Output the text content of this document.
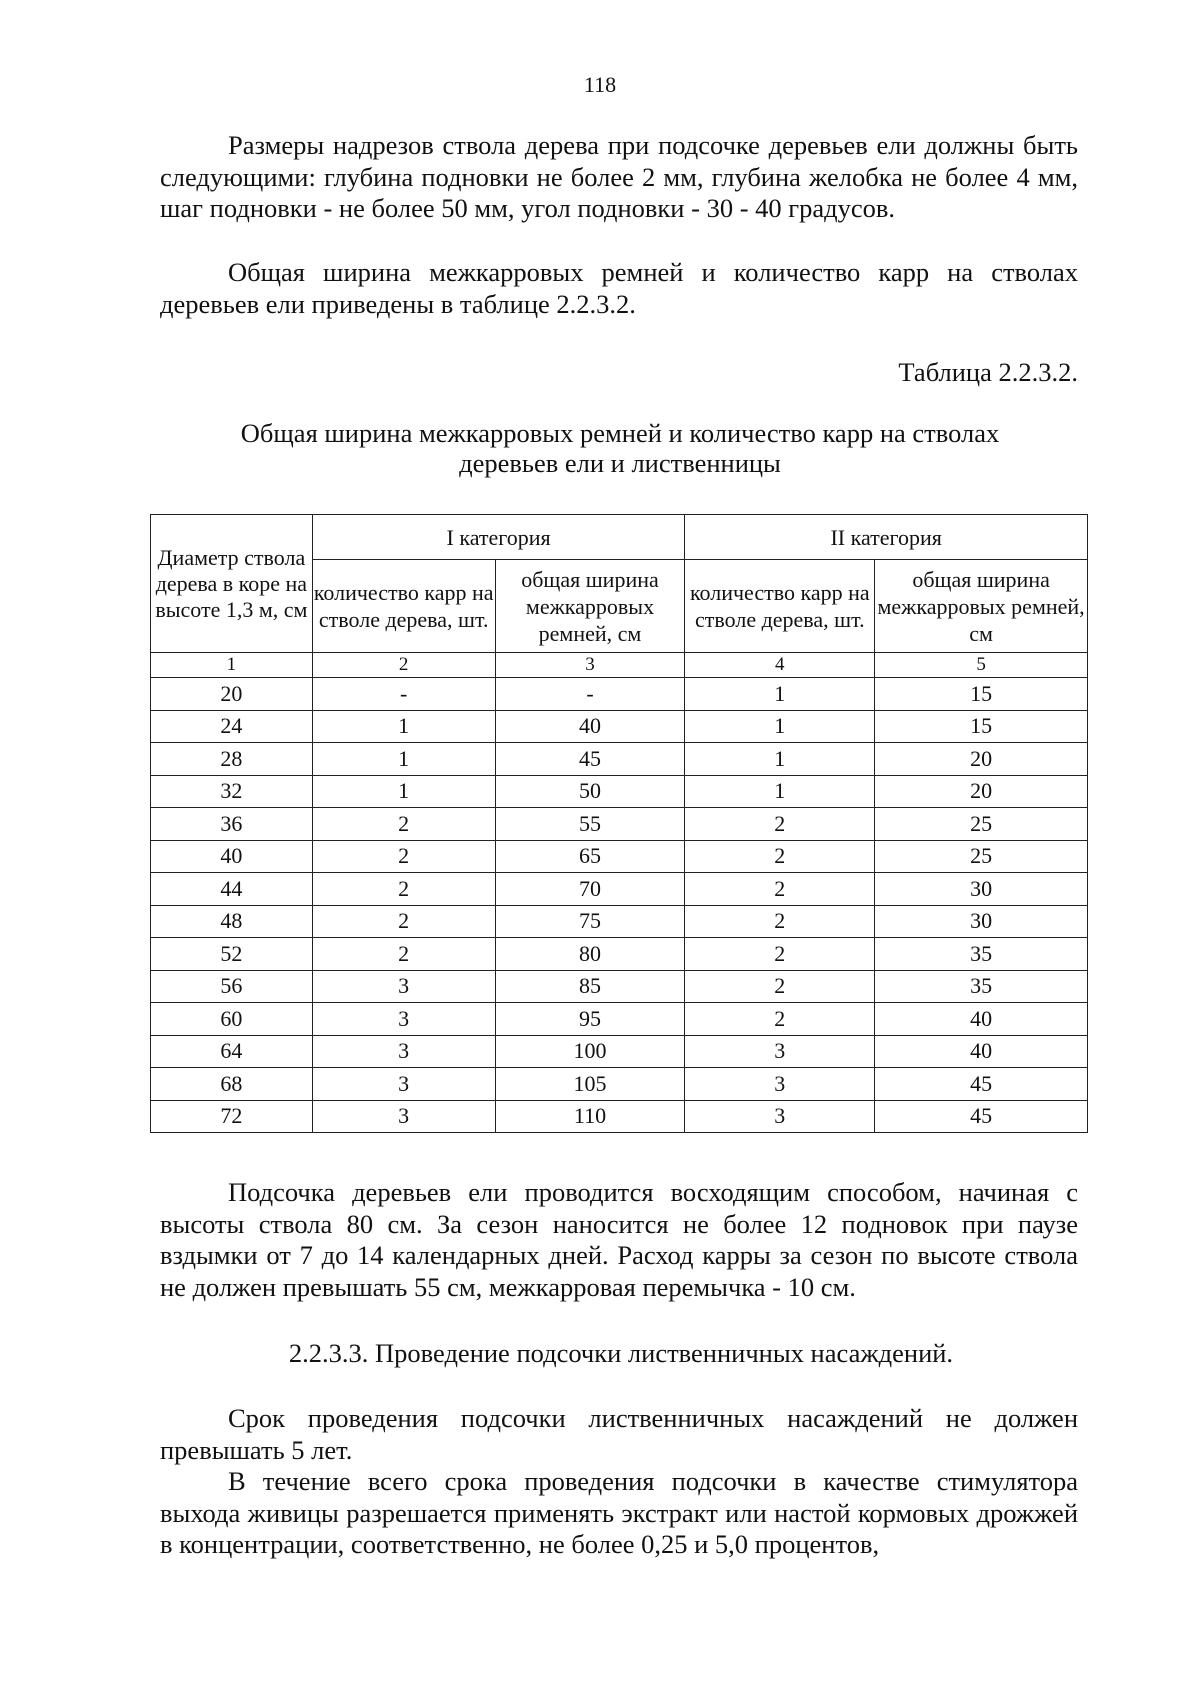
118

Размеры надрезов ствола дерева при подсочке деревьев ели должны быть следующими: глубина подновки не более 2 мм, глубина желобка не более 4 мм, шаг подновки - не более 50 мм, угол подновки - 30 - 40 градусов.

Общая ширина межкарровых ремней и количество карр на стволах деревьев ели приведены в таблице 2.2.3.2.

Таблица 2.2.3.2.
Общая ширина межкарровых ремней и количество карр на стволах
деревьев ели и лиственницы
Диаметр ствола дерева в коре на высоте 1,3 м, см	I категория		II категория	
	количество карр на стволе дерева, шт.	общая ширина межкарровых ремней, см	количество карр на стволе дерева, шт.	общая ширина межкарровых ремней, см
1	2	3	4	5
20	-	-	1	15
24	1	40	1	15
28	1	45	1	20
32	1	50	1	20
36	2	55	2	25
40	2	65	2	25
44	2	70	2	30
48	2	75	2	30
52	2	80	2	35
56	3	85	2	35
60	3	95	2	40
64	3	100	3	40
68	3	105	3	45
72	3	110	3	45

Подсочка деревьев ели проводится восходящим способом, начиная с высоты ствола 80 см. За сезон наносится не более 12 подновок при паузе вздымки от 7 до 14 календарных дней. Расход карры за сезон по высоте ствола не должен превышать 55 см, межкарровая перемычка - 10 см.

2.2.3.3. Проведение подсочки лиственничных насаждений.

Срок проведения подсочки лиственничных насаждений не должен превышать 5 лет.

В течение всего срока проведения подсочки в качестве стимулятора выхода живицы разрешается применять экстракт или настой кормовых дрожжей в концентрации, соответственно, не более 0,25 и 5,0 процентов,
